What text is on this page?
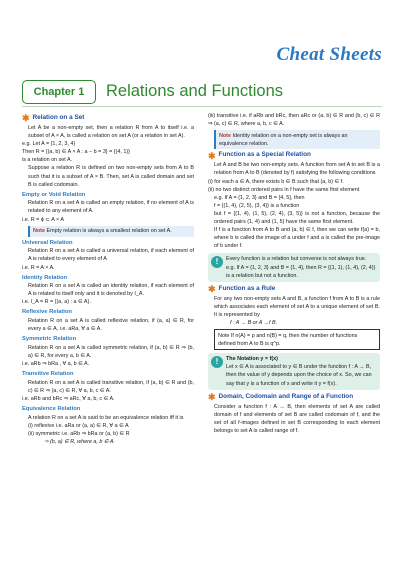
Cheat Sheets
Chapter 1	Relations and Functions
✱ Relation on a Set

Let A be a non-empty set, then a relation R from A to itself i.e. a subset of A × A, is called a relation on set A (or a relation in set A).

e.g. Let A = {1, 2, 3, 4}

Then R = {(a, b) ∈ A × A : a − b = 3} = {(4, 1)}

is a relation on set A.

Suppose a relation R is defined on two non-empty sets from A to B such that it is a subset of A × B. Then, set A is called domain and set B is called codomain.

Empty or Void Relation

Relation R on a set A is called an empty relation, if no element of A is related to any element of A.

i.e. R = ϕ ⊂ A × A

Note Empty relation is always a smallest relation on set A.
Universal Relation

Relation R on a set A is called a universal relation, if each element of A is related to every element of A

i.e. R = A × A.

Identity Relation

Relation R on a set A is called an identity relation, if each element of A is related to itself only and it is denoted by I_A.

i.e. I_A = R = {(a, a) : a ∈ A}.

Reflexive Relation

Relation R on a set A is called reflexive relation, if (a, a) ∈ R, for every a ∈ A, i.e. aRa, ∀ a ∈ A.

Symmetric Relation

Relation R on a set A is called symmetric relation, if (a, b) ∈ R ⇒ (b, a) ∈ R, for every a, b ∈ A.

i.e. aRb ⇒ bRa , ∀ a, b ∈ A.

Transitive Relation

Relation R on a set A is called transitive relation, if (a, b) ∈ R and (b, c) ∈ R ⇒ (a, c) ∈ R, ∀ a, b, c ∈ A.

i.e. aRb and bRc ⇒ aRc, ∀ a, b, c ∈ A.

Equivalence Relation

A relation R on a set A is said to be an equivalence relation iff it is

(i) reflexive i.e. aRa or (a, a) ∈ R, ∀ a ∈ A

(ii) symmetric i.e. aRb ⇒ bRa or (a, b) ∈ R

⇒ (b, a) ∈ R, where a, b ∈ A.

(iii) transitive i.e. if aRb and bRc, then aRc or (a, b) ∈ R and (b, c) ∈ R ⇒ (a, c) ∈ R, where a, b, c ∈ A.

Note Identity relation on a non-empty set is always an equivalence relation.
✱ Function as a Special Relation

Let A and B be two non-empty sets. A function from set A to set B is a relation from A to B (denoted by f) satisfying the following conditions

(i) for each a ∈ A, there exists b ∈ B such that (a, b) ∈ f.

(ii) no two distinct ordered pairs in f have the same first element

e.g. If A = {1, 2, 3} and B = {4, 5}, then

f = {(1, 4), (2, 5), (3, 4)} is a function

but f = {(1, 4), (1, 5), (2, 4), (3, 5)} is not a function, because the ordered pairs (1, 4) and (1, 5) have the same first element.

If f is a function from A to B and (a, b) ∈ f, then we can write f(a) = b, where b is called the image of a under f and a is called the pre-image of b under f.

!	Every function is a relation but converse is not always true. e.g. If A = {1, 2, 3} and B = {1, 4}, then R = {(1, 1), (1, 4), (2, 4)} is a relation but not a function.
✱ Function as a Rule

For any two non-empty sets A and B, a function f from A to B is a rule which associates each element of set A to a unique element of set B. It is represented by

f : A → B or A →f B.

Note If n(A) = p and n(B) = q, then the number of functions defined from A to B is q^p.
!	The Notation y = f(x)
Let x ∈ A is associated to y ∈ B under the function f : A → B, then the value of y depends upon the choice of x. So, we can say that y is a function of x and write it y = f(x).
✱ Domain, Codomain and Range of a Function

Consider a function f : A → B, then elements of set A are called domain of f and elements of set B are called codomain of f, and the set of all f-images defined in set B corresponding to each element belongs to set A is called range of f.
